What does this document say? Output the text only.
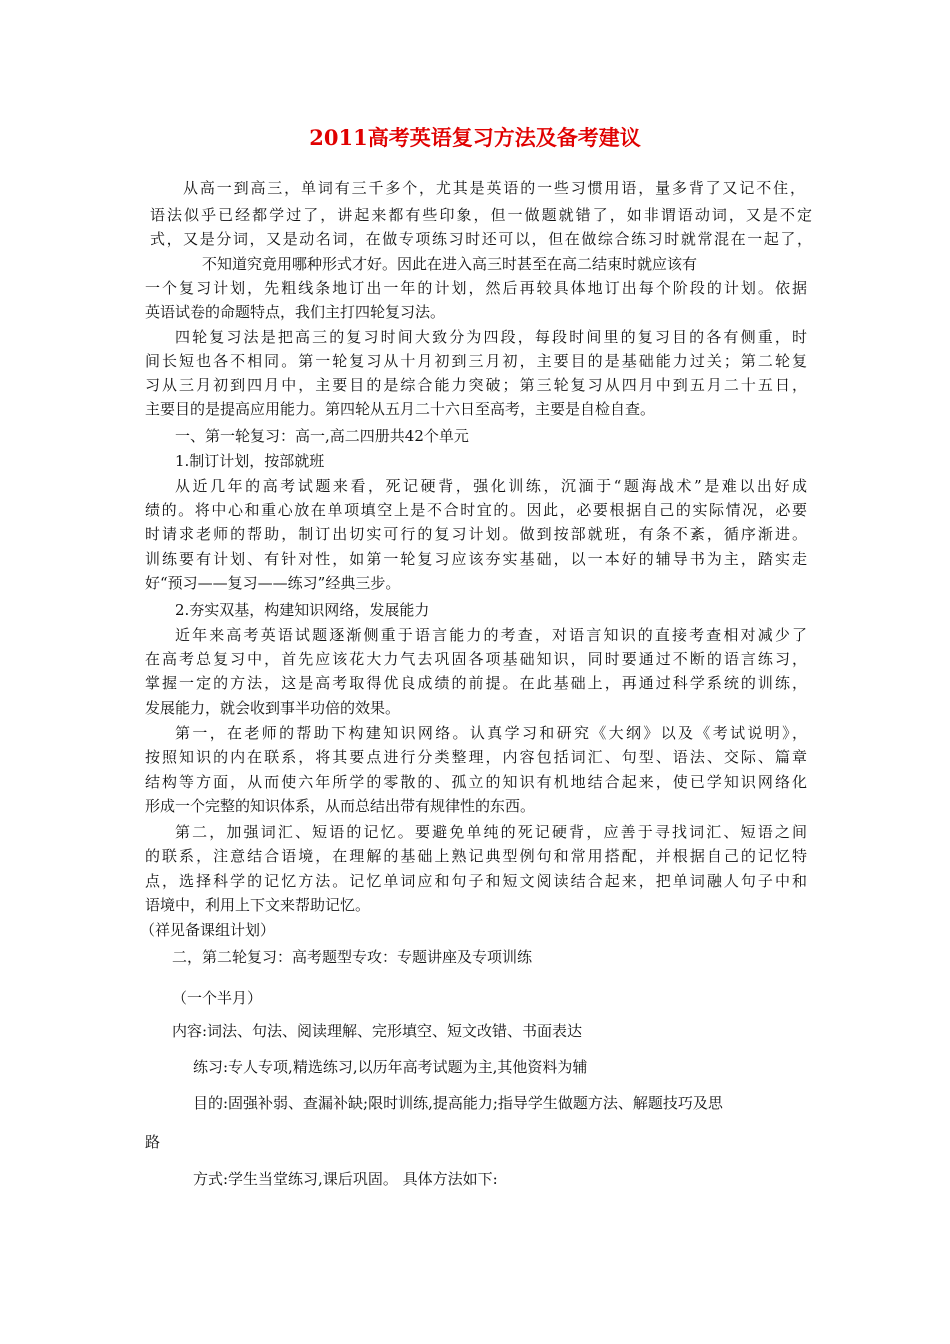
2011高考英语复习方法及备考建议

从高一到高三，单词有三千多个，尤其是英语的一些习惯用语，量多背了又记不住，

语法似乎已经都学过了，讲起来都有些印象，但一做题就错了，如非谓语动词，又是不定

式，又是分词，又是动名词，在做专项练习时还可以，但在做综合练习时就常混在一起了，

不知道究竟用哪种形式才好。因此在进入高三时甚至在高二结束时就应该有

一个复习计划，先粗线条地订出一年的计划，然后再较具体地订出每个阶段的计划。依据

英语试卷的命题特点，我们主打四轮复习法。

四轮复习法是把高三的复习时间大致分为四段，每段时间里的复习目的各有侧重，时

间长短也各不相同。第一轮复习从十月初到三月初，主要目的是基础能力过关；第二轮复

习从三月初到四月中，主要目的是综合能力突破；第三轮复习从四月中到五月二十五日，

主要目的是提高应用能力。第四轮从五月二十六日至高考，主要是自检自查。

一、第一轮复习：高一,高二四册共42个单元

1.制订计划，按部就班

从近几年的高考试题来看，死记硬背，强化训练，沉湎于“题海战术”是难以出好成

绩的。将中心和重心放在单项填空上是不合时宜的。因此，必要根据自己的实际情况，必要

时请求老师的帮助，制订出切实可行的复习计划。做到按部就班，有条不紊，循序渐进。

训练要有计划、有针对性，如第一轮复习应该夯实基础，以一本好的辅导书为主，踏实走

好“预习——复习——练习”经典三步。

2.夯实双基，构建知识网络，发展能力

近年来高考英语试题逐渐侧重于语言能力的考查，对语言知识的直接考查相对减少了

在高考总复习中，首先应该花大力气去巩固各项基础知识，同时要通过不断的语言练习，

掌握一定的方法，这是高考取得优良成绩的前提。在此基础上，再通过科学系统的训练，

发展能力，就会收到事半功倍的效果。

第一，在老师的帮助下构建知识网络。认真学习和研究《大纲》以及《考试说明》，

按照知识的内在联系，将其要点进行分类整理，内容包括词汇、句型、语法、交际、篇章

结构等方面，从而使六年所学的零散的、孤立的知识有机地结合起来，使已学知识网络化

形成一个完整的知识体系，从而总结出带有规律性的东西。

第二，加强词汇、短语的记忆。要避免单纯的死记硬背，应善于寻找词汇、短语之间

的联系，注意结合语境，在理解的基础上熟记典型例句和常用搭配，并根据自己的记忆特

点，选择科学的记忆方法。记忆单词应和句子和短文阅读结合起来，把单词融人句子中和

语境中，利用上下文来帮助记忆。

（祥见备课组计划）

二，第二轮复习：高考题型专攻：专题讲座及专项训练

（一个半月）

内容:词法、句法、阅读理解、完形填空、短文改错、书面表达

练习:专人专项,精选练习,以历年高考试题为主,其他资料为辅

目的:固强补弱、查漏补缺;限时训练,提高能力;指导学生做题方法、解题技巧及思

路

方式:学生当堂练习,课后巩固。 具体方法如下:
